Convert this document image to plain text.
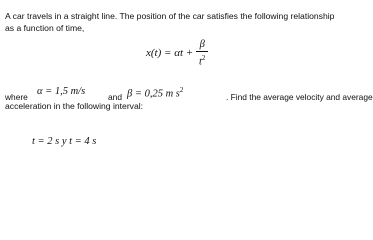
A car travels in a straight line. The position of the car satisfies the following relationship as a function of time,
$x(t) = \alpha t + \frac{\beta}{t^2}$
where α = 1,5 m/s	and β = 0,25 m $s^2$
. Find the average velocity and average
acceleration in the following interval:
t = 2 s y t = 4 s
